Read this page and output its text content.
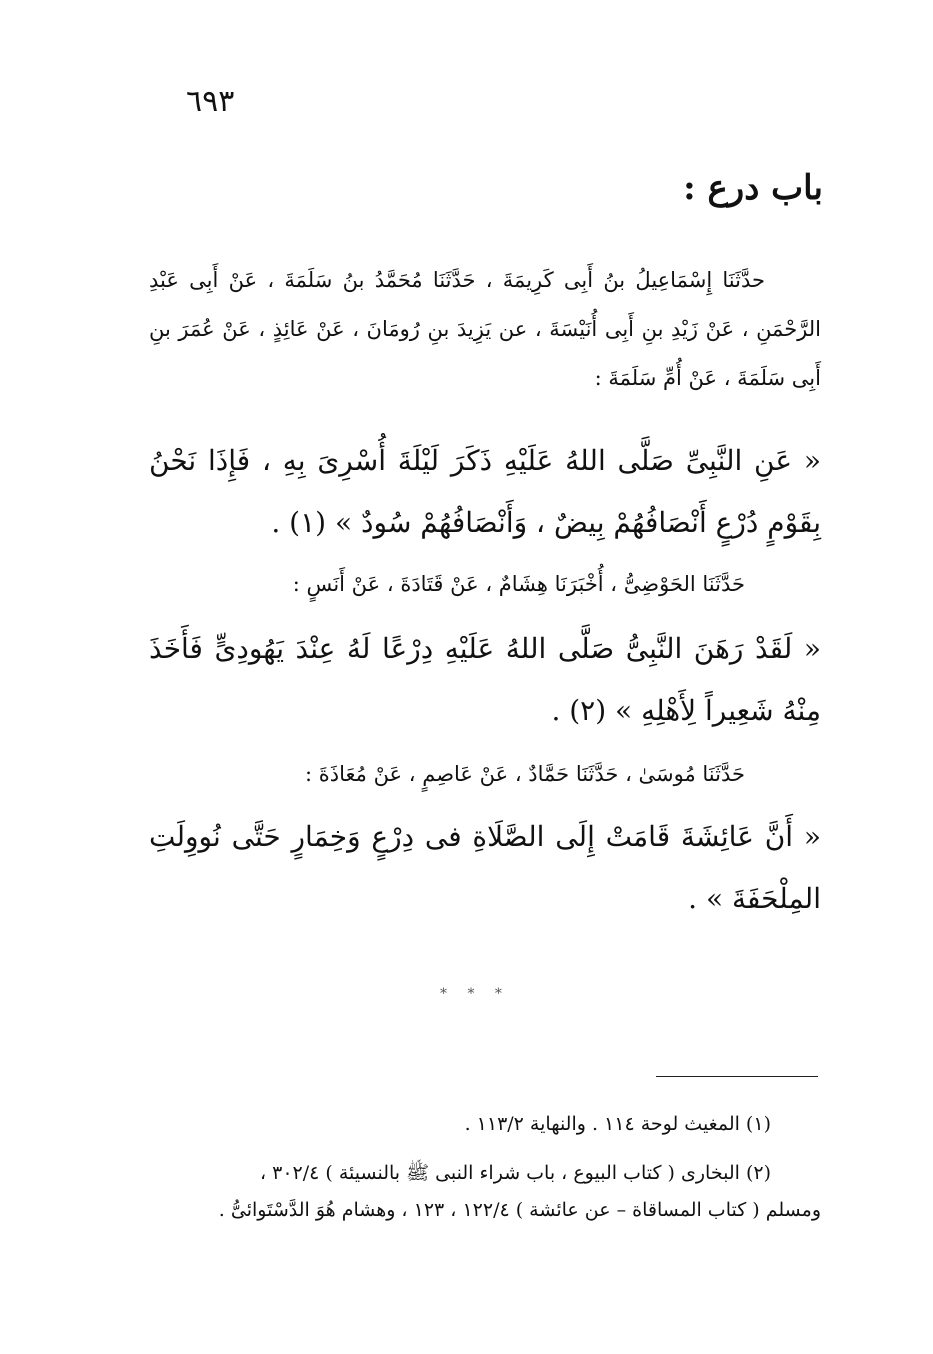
٦٩٣
باب درع :

حدَّثَنَا إِسْمَاعِيلُ بنُ أَبِى كَرِيمَةَ ، حَدَّثَنَا مُحَمَّدُ بنُ سَلَمَةَ ، عَنْ أَبِى عَبْدِ الرَّحْمَنِ ، عَنْ زَيْدِ بنِ أَبِى أُنَيْسَةَ ، عن يَزِيدَ بنِ رُومَانَ ، عَنْ عَائِذٍ ، عَنْ عُمَرَ بنِ أَبِى سَلَمَةَ ، عَنْ أُمِّ سَلَمَةَ :

« عَنِ النَّبِىِّ صَلَّى اللهُ عَلَيْهِ ذَكَرَ لَيْلَةَ أُسْرِىَ بِهِ ، فَإِذَا نَحْنُ بِقَوْمٍ دُرْعٍ أَنْصَافُهُمْ بِيضٌ ، وَأَنْصَافُهُمْ سُودٌ » (١) .

حَدَّثَنَا الحَوْضِىُّ ، أُخْبَرَنَا هِشَامٌ ، عَنْ قَتَادَةَ ، عَنْ أَنَسٍ :

« لَقَدْ رَهَنَ النَّبِىُّ صَلَّى اللهُ عَلَيْهِ دِرْعًا لَهُ عِنْدَ يَهُودِىٍّ فَأَخَذَ مِنْهُ شَعِيراً لِأَهْلِهِ » (٢) .

حَدَّثَنَا مُوسَىٰ ، حَدَّثَنَا حَمَّادٌ ، عَنْ عَاصِمٍ ، عَنْ مُعَاذَةَ :

« أَنَّ عَائِشَةَ قَامَتْ إِلَى الصَّلَاةِ فى دِرْعٍ وَخِمَارٍ حَتَّى نُووِلَتِ المِلْحَفَةَ » .

* * *
(١) المغيث لوحة ١١٤ . والنهاية ١١٣/٢ .
(٢) البخارى ( كتاب البيوع ، باب شراء النبى ﷺ بالنسيئة ) ٣٠٢/٤ ،
ومسلم ( كتاب المساقاة – عن عائشة ) ١٢٢/٤ ، ١٢٣ ، وهشام هُوَ الدَّسْتَوائىُّ .
